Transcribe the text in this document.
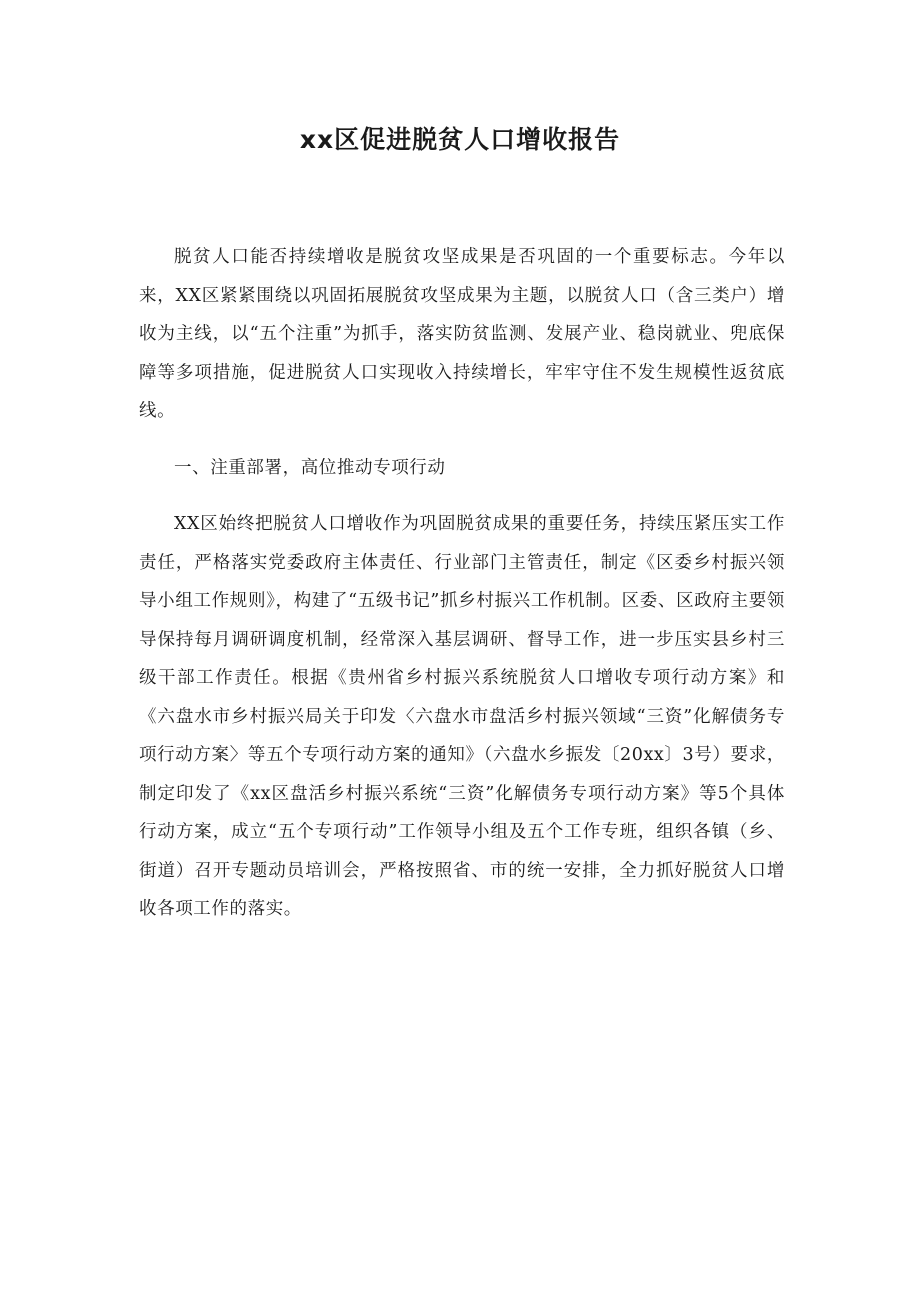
xx区促进脱贫人口增收报告

脱贫人口能否持续增收是脱贫攻坚成果是否巩固的一个重要标志。今年以来，XX区紧紧围绕以巩固拓展脱贫攻坚成果为主题，以脱贫人口（含三类户）增收为主线，以“五个注重”为抓手，落实防贫监测、发展产业、稳岗就业、兜底保障等多项措施，促进脱贫人口实现收入持续增长，牢牢守住不发生规模性返贫底线。

一、注重部署，高位推动专项行动

XX区始终把脱贫人口增收作为巩固脱贫成果的重要任务，持续压紧压实工作责任，严格落实党委政府主体责任、行业部门主管责任，制定《区委乡村振兴领导小组工作规则》，构建了“五级书记”抓乡村振兴工作机制。区委、区政府主要领导保持每月调研调度机制，经常深入基层调研、督导工作，进一步压实县乡村三级干部工作责任。根据《贵州省乡村振兴系统脱贫人口增收专项行动方案》和《六盘水市乡村振兴局关于印发〈六盘水市盘活乡村振兴领域“三资”化解债务专项行动方案〉等五个专项行动方案的通知》（六盘水乡振发〔20xx〕3号）要求，制定印发了《xx区盘活乡村振兴系统“三资”化解债务专项行动方案》等5个具体行动方案，成立“五个专项行动”工作领导小组及五个工作专班，组织各镇（乡、街道）召开专题动员培训会，严格按照省、市的统一安排，全力抓好脱贫人口增收各项工作的落实。
